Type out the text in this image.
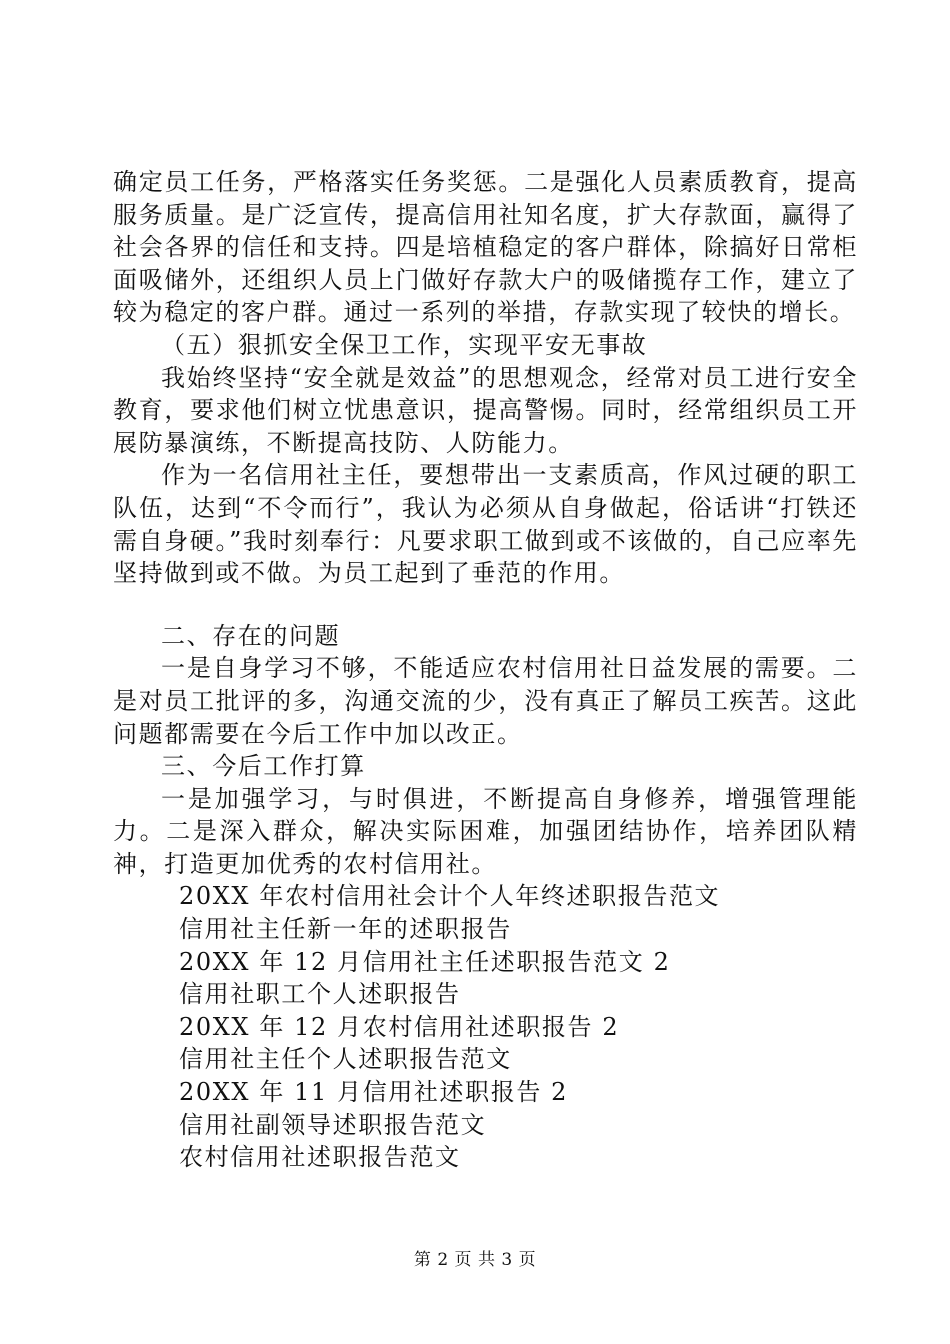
确定员工任务，严格落实任务奖惩。二是强化人员素质教育，提高服务质量。是广泛宣传，提高信用社知名度，扩大存款面，赢得了社会各界的信任和支持。四是培植稳定的客户群体，除搞好日常柜面吸储外，还组织人员上门做好存款大户的吸储揽存工作，建立了较为稳定的客户群。通过一系列的举措，存款实现了较快的增长。

（五）狠抓安全保卫工作，实现平安无事故

我始终坚持“安全就是效益”的思想观念，经常对员工进行安全教育，要求他们树立忧患意识，提高警惕。同时，经常组织员工开展防暴演练，不断提高技防、人防能力。

作为一名信用社主任，要想带出一支素质高，作风过硬的职工队伍，达到“不令而行”，我认为必须从自身做起，俗话讲“打铁还需自身硬。”我时刻奉行：凡要求职工做到或不该做的，自己应率先坚持做到或不做。为员工起到了垂范的作用。

二、存在的问题

一是自身学习不够，不能适应农村信用社日益发展的需要。二是对员工批评的多，沟通交流的少，没有真正了解员工疾苦。这此问题都需要在今后工作中加以改正。

三、今后工作打算

一是加强学习，与时俱进，不断提高自身修养，增强管理能力。二是深入群众，解决实际困难，加强团结协作，培养团队精神，打造更加优秀的农村信用社。

20XX 年农村信用社会计个人年终述职报告范文
信用社主任新一年的述职报告
20XX 年 12 月信用社主任述职报告范文 2
信用社职工个人述职报告
20XX 年 12 月农村信用社述职报告 2
信用社主任个人述职报告范文
20XX 年 11 月信用社述职报告 2
信用社副领导述职报告范文
农村信用社述职报告范文
第 2 页 共 3 页
